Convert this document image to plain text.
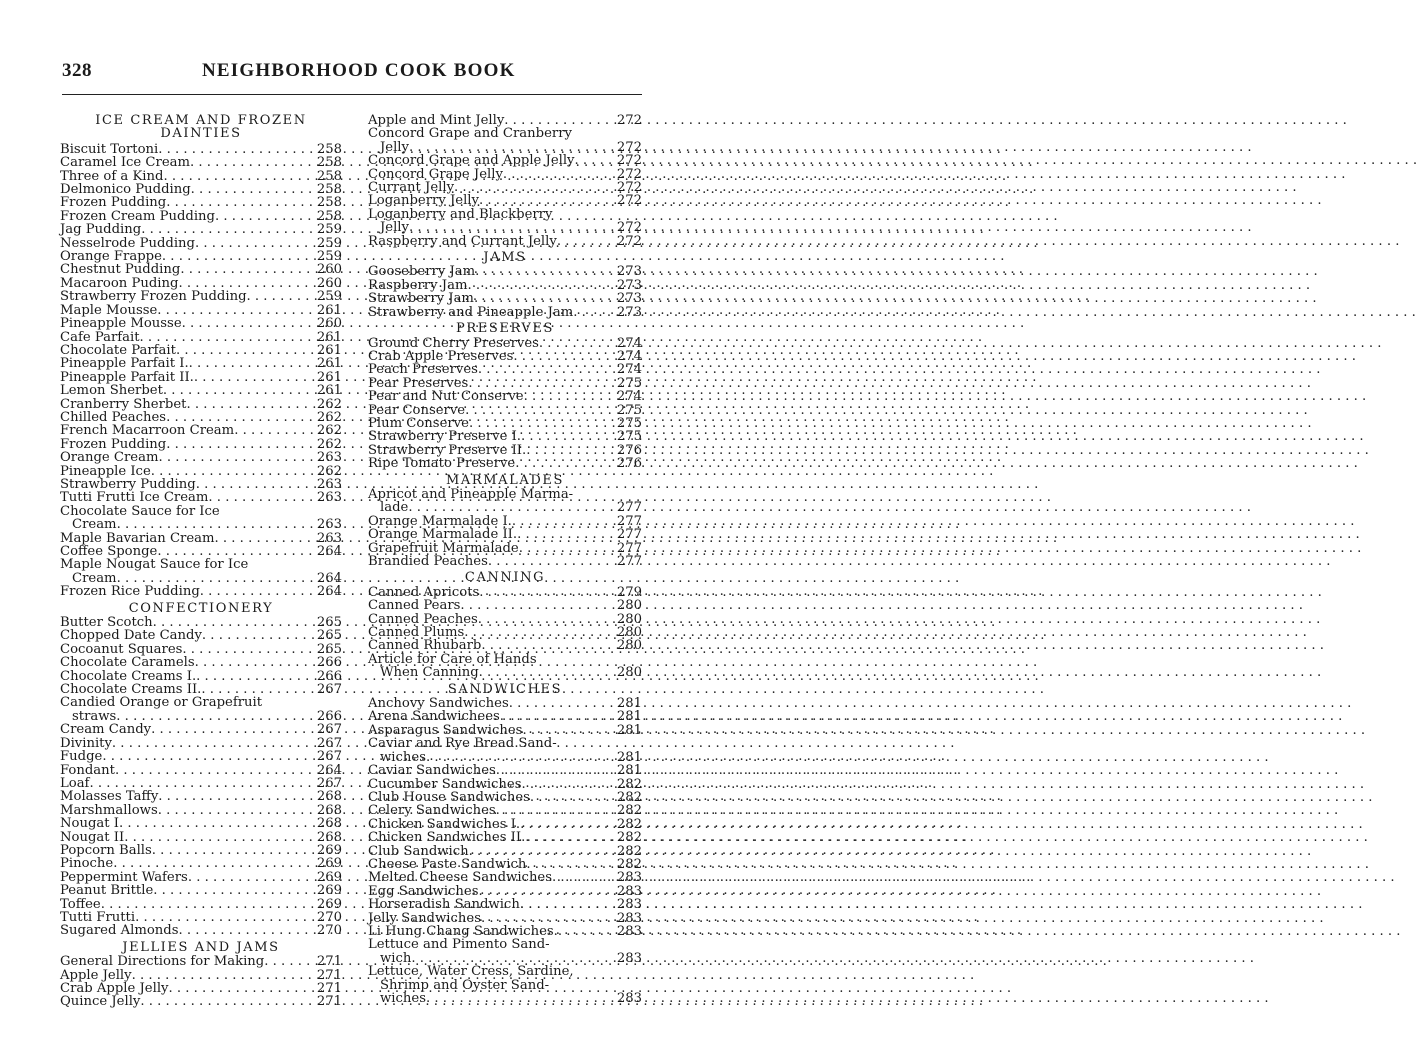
328	NEIGHBORHOOD COOK BOOK
ICE CREAM AND FROZEN DAINTIES
Biscuit Tortoni . . .	258
Caramel Ice Cream . . .	258
Three of a Kind . . .	258
Delmonico Pudding . . .	258
Frozen Pudding . . .	258
Frozen Cream Pudding . . .	258
Jag Pudding . . .	259
Nesselrode Pudding . . .	259
Orange Frappe . . .	259
Chestnut Pudding . . .	260
Macaroon Puding . . .	260
Strawberry Frozen Pudding . . .	259
Maple Mousse . . .	261
Pineapple Mousse . . .	260
Cafe Parfait . . .	261
Chocolate Parfait . . .	261
Pineapple Parfait I. . . .	261
Pineapple Parfait II. . . .	261
Lemon Sherbet . . .	261
Cranberry Sherbet . . .	262
Chilled Peaches . . .	262
French Macarroon Cream . . .	262
Frozen Pudding . . .	262
Orange Cream . . .	263
Pineapple Ice . . .	262
Strawberry Pudding . . .	263
Tutti Frutti Ice Cream . . .	263
Chocolate Sauce for Ice
Cream . . .	263
Maple Bavarian Cream . . .	263
Coffee Sponge . . .	264
Maple Nougat Sauce for Ice
Cream . . .	264
Frozen Rice Pudding . . .	264
CONFECTIONERY
Butter Scotch . . .	265
Chopped Date Candy . . .	265
Cocoanut Squares . . .	265
Chocolate Caramels . . .	266
Chocolate Creams I. . . .	266
Chocolate Creams II. . . .	267
Candied Orange or Grapefruit
straws . . .	266
Cream Candy . . .	267
Divinity . . .	267
Fudge . . .	267
Fondant . . .	264
Loaf . . .	267
Molasses Taffy . . .	268
Marshmallows . . .	268
Nougat I . . .	268
Nougat II . . .	268
Popcorn Balls . . .	269
Pinoche . . .	269
Peppermint Wafers . . .	269
Peanut Brittle . . .	269
Toffee . . .	269
Tutti Frutti . . .	270
Sugared Almonds . . .	270
JELLIES AND JAMS
General Directions for Making . . .	271
Apple Jelly . . .	271
Crab Apple Jelly . . .	271
Quince Jelly . . .	271
Apple and Mint Jelly . . .	272
Concord Grape and Cranberry
Jelly . . .	272
Concord Grape and Apple Jelly . . .	272
Concord Grape Jelly . . .	272
Currant Jelly . . .	272
Loganberry Jelly . . .	272
Loganberry and Blackberry
Jelly . . .	272
Raspberry and Currant Jelly . . .	272
JAMS
Gooseberry Jam . . .	273
Raspberry Jam . . .	273
Strawberry Jam . . .	273
Strawberry and Pineapple Jam . . .	273
PRESERVES
Ground Cherry Preserves . . .	274
Crab Apple Preserves . . .	274
Peach Preserves . . .	274
Pear Preserves . . .	275
Pear and Nut Conserve . . .	274
Pear Conserve . . .	275
Plum Conserve . . .	275
Strawberry Preserve I. . . .	275
Strawberry Preserve II. . . .	276
Ripe Tomato Preserve . . .	276
MARMALADES
Apricot and Pineapple Marma-
lade . . .	277
Orange Marmalade I. . . .	277
Orange Marmalade II. . . .	277
Grapefruit Marmalade . . .	277
Brandied Peaches . . .	277
CANNING
Canned Apricots . . .	279
Canned Pears . . .	280
Canned Peaches . . .	280
Canned Plums . . .	280
Canned Rhubarb . . .	280
Article for Care of Hands
When Canning . . .	280
SANDWICHES
Anchovy Sandwiches . . .	281
Arena Sandwichees . . .	281
Asparagus Sandwiches . . .	281
Caviar and Rye Bread Sand-
wiches . . .	281
Caviar Sandwiches . . .	281
Cucumber Sandwiches . . .	282
Club House Sandwiches . . .	282
Celery Sandwiches . . .	282
Chicken Sandwiches I. . . .	282
Chicken Sandwiches II. . . .	282
Club Sandwich . . .	282
Cheese Paste Sandwich . . .	282
Melted Cheese Sandwiches . . .	283
Egg Sandwiches . . .	283
Horseradish Sandwich . . .	283
Jelly Sandwiches . . .	283
Li Hung Chang Sandwiches. . . .	283
Lettuce and Pimento Sand-
wich . . .	283
Lettuce, Water Cress, Sardine,
Shrimp and Oyster Sand-
wiches . . .	283
